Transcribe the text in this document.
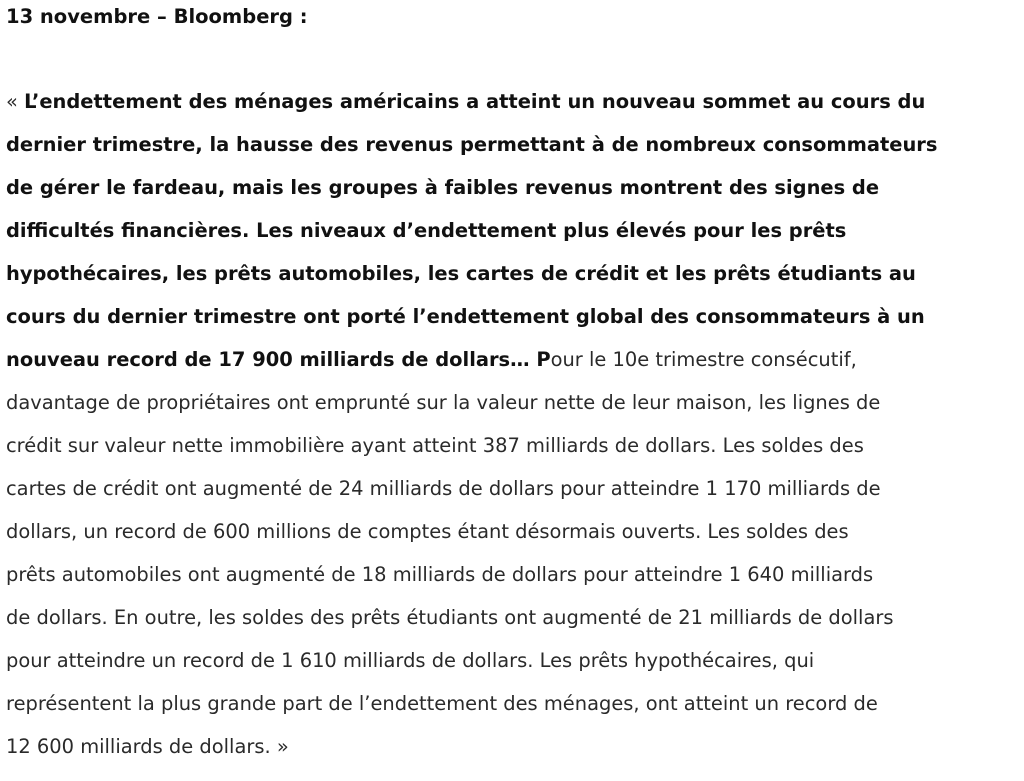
13 novembre – Bloomberg :
« L’endettement des ménages américains a atteint un nouveau sommet au cours du
dernier trimestre, la hausse des revenus permettant à de nombreux consommateurs
de gérer le fardeau, mais les groupes à faibles revenus montrent des signes de
difficultés financières. Les niveaux d’endettement plus élevés pour les prêts
hypothécaires, les prêts automobiles, les cartes de crédit et les prêts étudiants au
cours du dernier trimestre ont porté l’endettement global des consommateurs à un
nouveau record de 17 900 milliards de dollars… Pour le 10e trimestre consécutif,
davantage de propriétaires ont emprunté sur la valeur nette de leur maison, les lignes de
crédit sur valeur nette immobilière ayant atteint 387 milliards de dollars. Les soldes des
cartes de crédit ont augmenté de 24 milliards de dollars pour atteindre 1 170 milliards de
dollars, un record de 600 millions de comptes étant désormais ouverts. Les soldes des
prêts automobiles ont augmenté de 18 milliards de dollars pour atteindre 1 640 milliards
de dollars. En outre, les soldes des prêts étudiants ont augmenté de 21 milliards de dollars
pour atteindre un record de 1 610 milliards de dollars. Les prêts hypothécaires, qui
représentent la plus grande part de l’endettement des ménages, ont atteint un record de
12 600 milliards de dollars. »
